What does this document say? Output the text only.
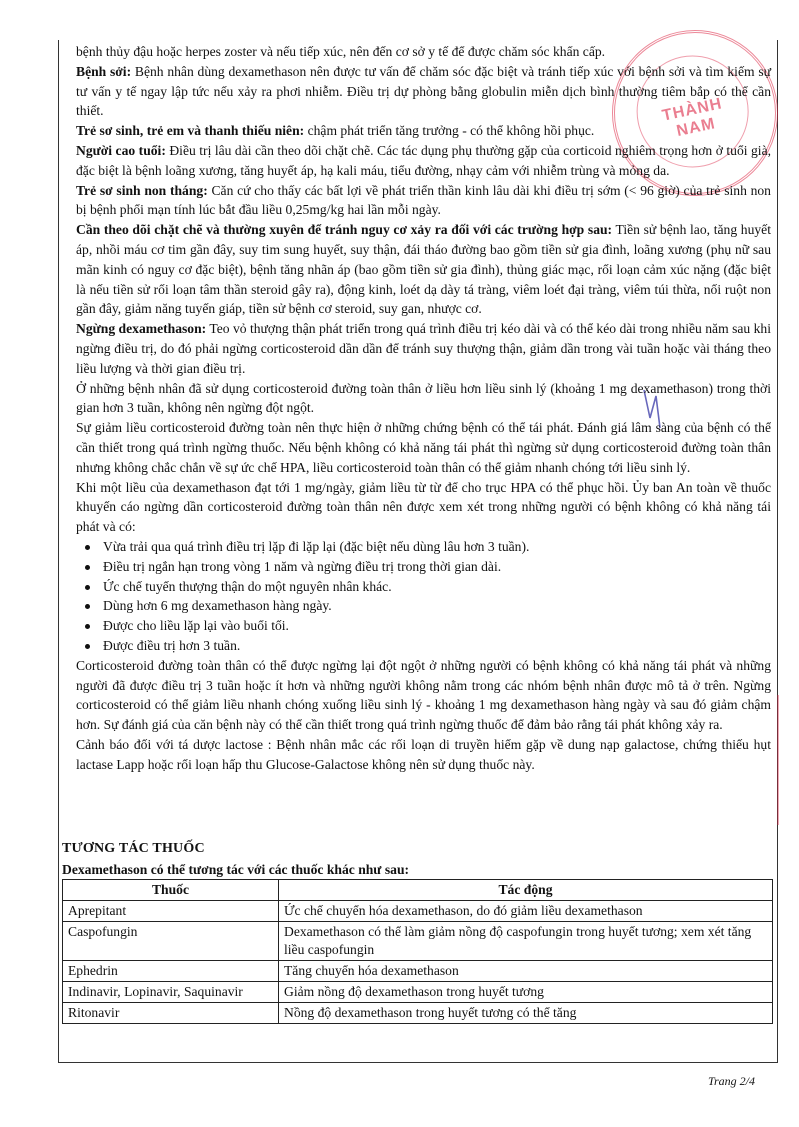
THÀNH NAM

bệnh thủy đậu hoặc herpes zoster và nếu tiếp xúc, nên đến cơ sở y tế để được chăm sóc khẩn cấp.

Bệnh sởi: Bệnh nhân dùng dexamethason nên được tư vấn để chăm sóc đặc biệt và tránh tiếp xúc với bệnh sởi và tìm kiếm sự tư vấn y tế ngay lập tức nếu xảy ra phơi nhiễm. Điều trị dự phòng bằng globulin miễn dịch bình thường tiêm bắp có thể cần thiết.

Trẻ sơ sinh, trẻ em và thanh thiếu niên: chậm phát triển tăng trưởng - có thể không hồi phục.

Người cao tuổi: Điều trị lâu dài cần theo dõi chặt chẽ. Các tác dụng phụ thường gặp của corticoid nghiêm trọng hơn ở tuổi già, đặc biệt là bệnh loãng xương, tăng huyết áp, hạ kali máu, tiểu đường, nhạy cảm với nhiễm trùng và mỏng da.

Trẻ sơ sinh non tháng: Căn cứ cho thấy các bất lợi về phát triển thần kinh lâu dài khi điều trị sớm (< 96 giờ) của trẻ sinh non bị bệnh phổi mạn tính lúc bắt đầu liều 0,25mg/kg hai lần mỗi ngày.

Cần theo dõi chặt chẽ và thường xuyên để tránh nguy cơ xảy ra đối với các trường hợp sau: Tiền sử bệnh lao, tăng huyết áp, nhồi máu cơ tim gần đây, suy tim sung huyết, suy thận, đái tháo đường bao gồm tiền sử gia đình, loãng xương (phụ nữ sau mãn kinh có nguy cơ đặc biệt), bệnh tăng nhãn áp (bao gồm tiền sử gia đình), thủng giác mạc, rối loạn cảm xúc nặng (đặc biệt là nếu tiền sử rối loạn tâm thần steroid gây ra), động kinh, loét dạ dày tá tràng, viêm loét đại tràng, viêm túi thừa, nối ruột non gần đây, giảm năng tuyến giáp, tiền sử bệnh cơ steroid, suy gan, nhược cơ.

Ngừng dexamethason: Teo vỏ thượng thận phát triển trong quá trình điều trị kéo dài và có thể kéo dài trong nhiều năm sau khi ngừng điều trị, do đó phải ngừng corticosteroid dần dần để tránh suy thượng thận, giảm dần trong vài tuần hoặc vài tháng theo liều lượng và thời gian điều trị.

Ở những bệnh nhân đã sử dụng corticosteroid đường toàn thân ở liều hơn liều sinh lý (khoảng 1 mg dexamethason) trong thời gian hơn 3 tuần, không nên ngừng đột ngột.

Sự giảm liều corticosteroid đường toàn nên thực hiện ở những chứng bệnh có thể tái phát. Đánh giá lâm sàng của bệnh có thể cần thiết trong quá trình ngừng thuốc. Nếu bệnh không có khả năng tái phát thì ngừng sử dụng corticosteroid đường toàn thân nhưng không chắc chắn về sự ức chế HPA, liều corticosteroid toàn thân có thể giảm nhanh chóng tới liều sinh lý.

Khi một liều của dexamethason đạt tới 1 mg/ngày, giảm liều từ từ để cho trục HPA có thể phục hồi. Ủy ban An toàn về thuốc khuyến cáo ngừng dần corticosteroid đường toàn thân nên được xem xét trong những người có bệnh không có khả năng tái phát và có:

Vừa trải qua quá trình điều trị lặp đi lặp lại (đặc biệt nếu dùng lâu hơn 3 tuần).
Điều trị ngắn hạn trong vòng 1 năm và ngừng điều trị trong thời gian dài.
Ức chế tuyến thượng thận do một nguyên nhân khác.
Dùng hơn 6 mg dexamethason hàng ngày.
Được cho liều lặp lại vào buổi tối.
Được điều trị hơn 3 tuần.

Corticosteroid đường toàn thân có thể được ngừng lại đột ngột ở những người có bệnh không có khả năng tái phát và những người đã được điều trị 3 tuần hoặc ít hơn và những người không nằm trong các nhóm bệnh nhân được mô tả ở trên. Ngừng corticosteroid có thể giảm liều nhanh chóng xuống liều sinh lý - khoảng 1 mg dexamethason hàng ngày và sau đó giảm chậm hơn. Sự đánh giá của căn bệnh này có thể cần thiết trong quá trình ngừng thuốc để đảm bảo rằng tái phát không xảy ra.

Cảnh báo đối với tá dược lactose : Bệnh nhân mắc các rối loạn di truyền hiếm gặp về dung nạp galactose, chứng thiếu hụt lactase Lapp hoặc rối loạn hấp thu Glucose-Galactose không nên sử dụng thuốc này.

TƯƠNG TÁC THUỐC
Dexamethason có thể tương tác với các thuốc khác như sau:
Thuốc	Tác động
Aprepitant	Ức chế chuyển hóa dexamethason, do đó giảm liều dexamethason
Caspofungin	Dexamethason có thể làm giảm nồng độ caspofungin trong huyết tương; xem xét tăng liều caspofungin
Ephedrin	Tăng chuyển hóa dexamethason
Indinavir, Lopinavir, Saquinavir	Giảm nồng độ dexamethason trong huyết tương
Ritonavir	Nồng độ dexamethason trong huyết tương có thể tăng
Trang 2/4
